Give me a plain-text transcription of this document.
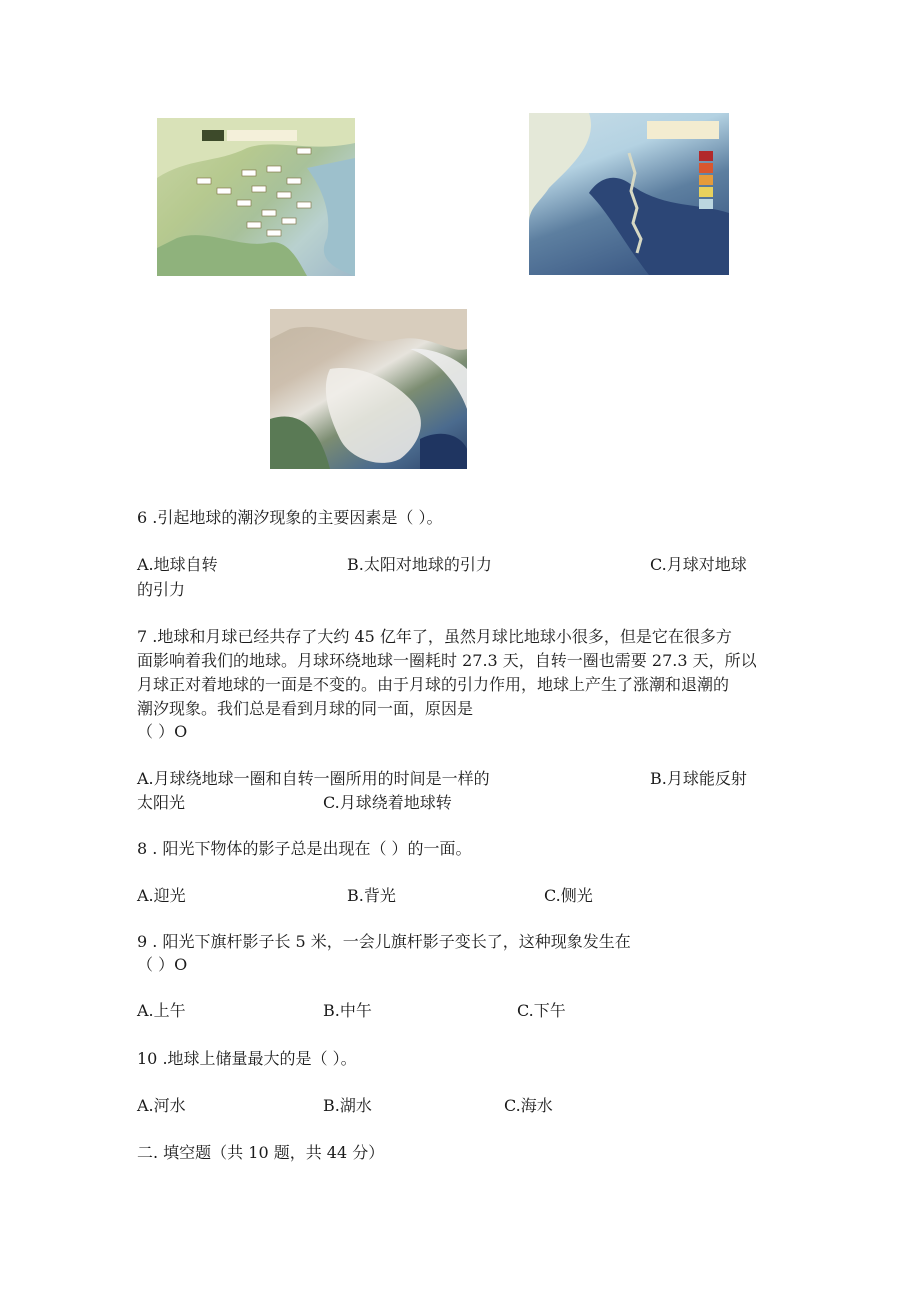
6 .引起地球的潮汐现象的主要因素是（ ）。
A.地球自转	B.太阳对地球的引力	C.月球对地球
的引力
7 .地球和月球已经共存了大约 45 亿年了，虽然月球比地球小很多，但是它在很多方
面影响着我们的地球。月球环绕地球一圈耗时 27.3 天，自转一圈也需要 27.3 天，所以
月球正对着地球的一面是不变的。由于月球的引力作用，地球上产生了涨潮和退潮的
潮汐现象。我们总是看到月球的同一面，原因是
（ ）O
A.月球绕地球一圈和自转一圈所用的时间是一样的	B.月球能反射
太阳光	C.月球绕着地球转
8 . 阳光下物体的影子总是出现在（ ）的一面。
A.迎光	B.背光	C.侧光
9 . 阳光下旗杆影子长 5 米，一会儿旗杆影子变长了，这种现象发生在
（ ）O
A.上午	B.中午	C.下午
10 .地球上储量最大的是（ ）。
A.河水	B.湖水	C.海水
二. 填空题（共 10 题，共 44 分）
